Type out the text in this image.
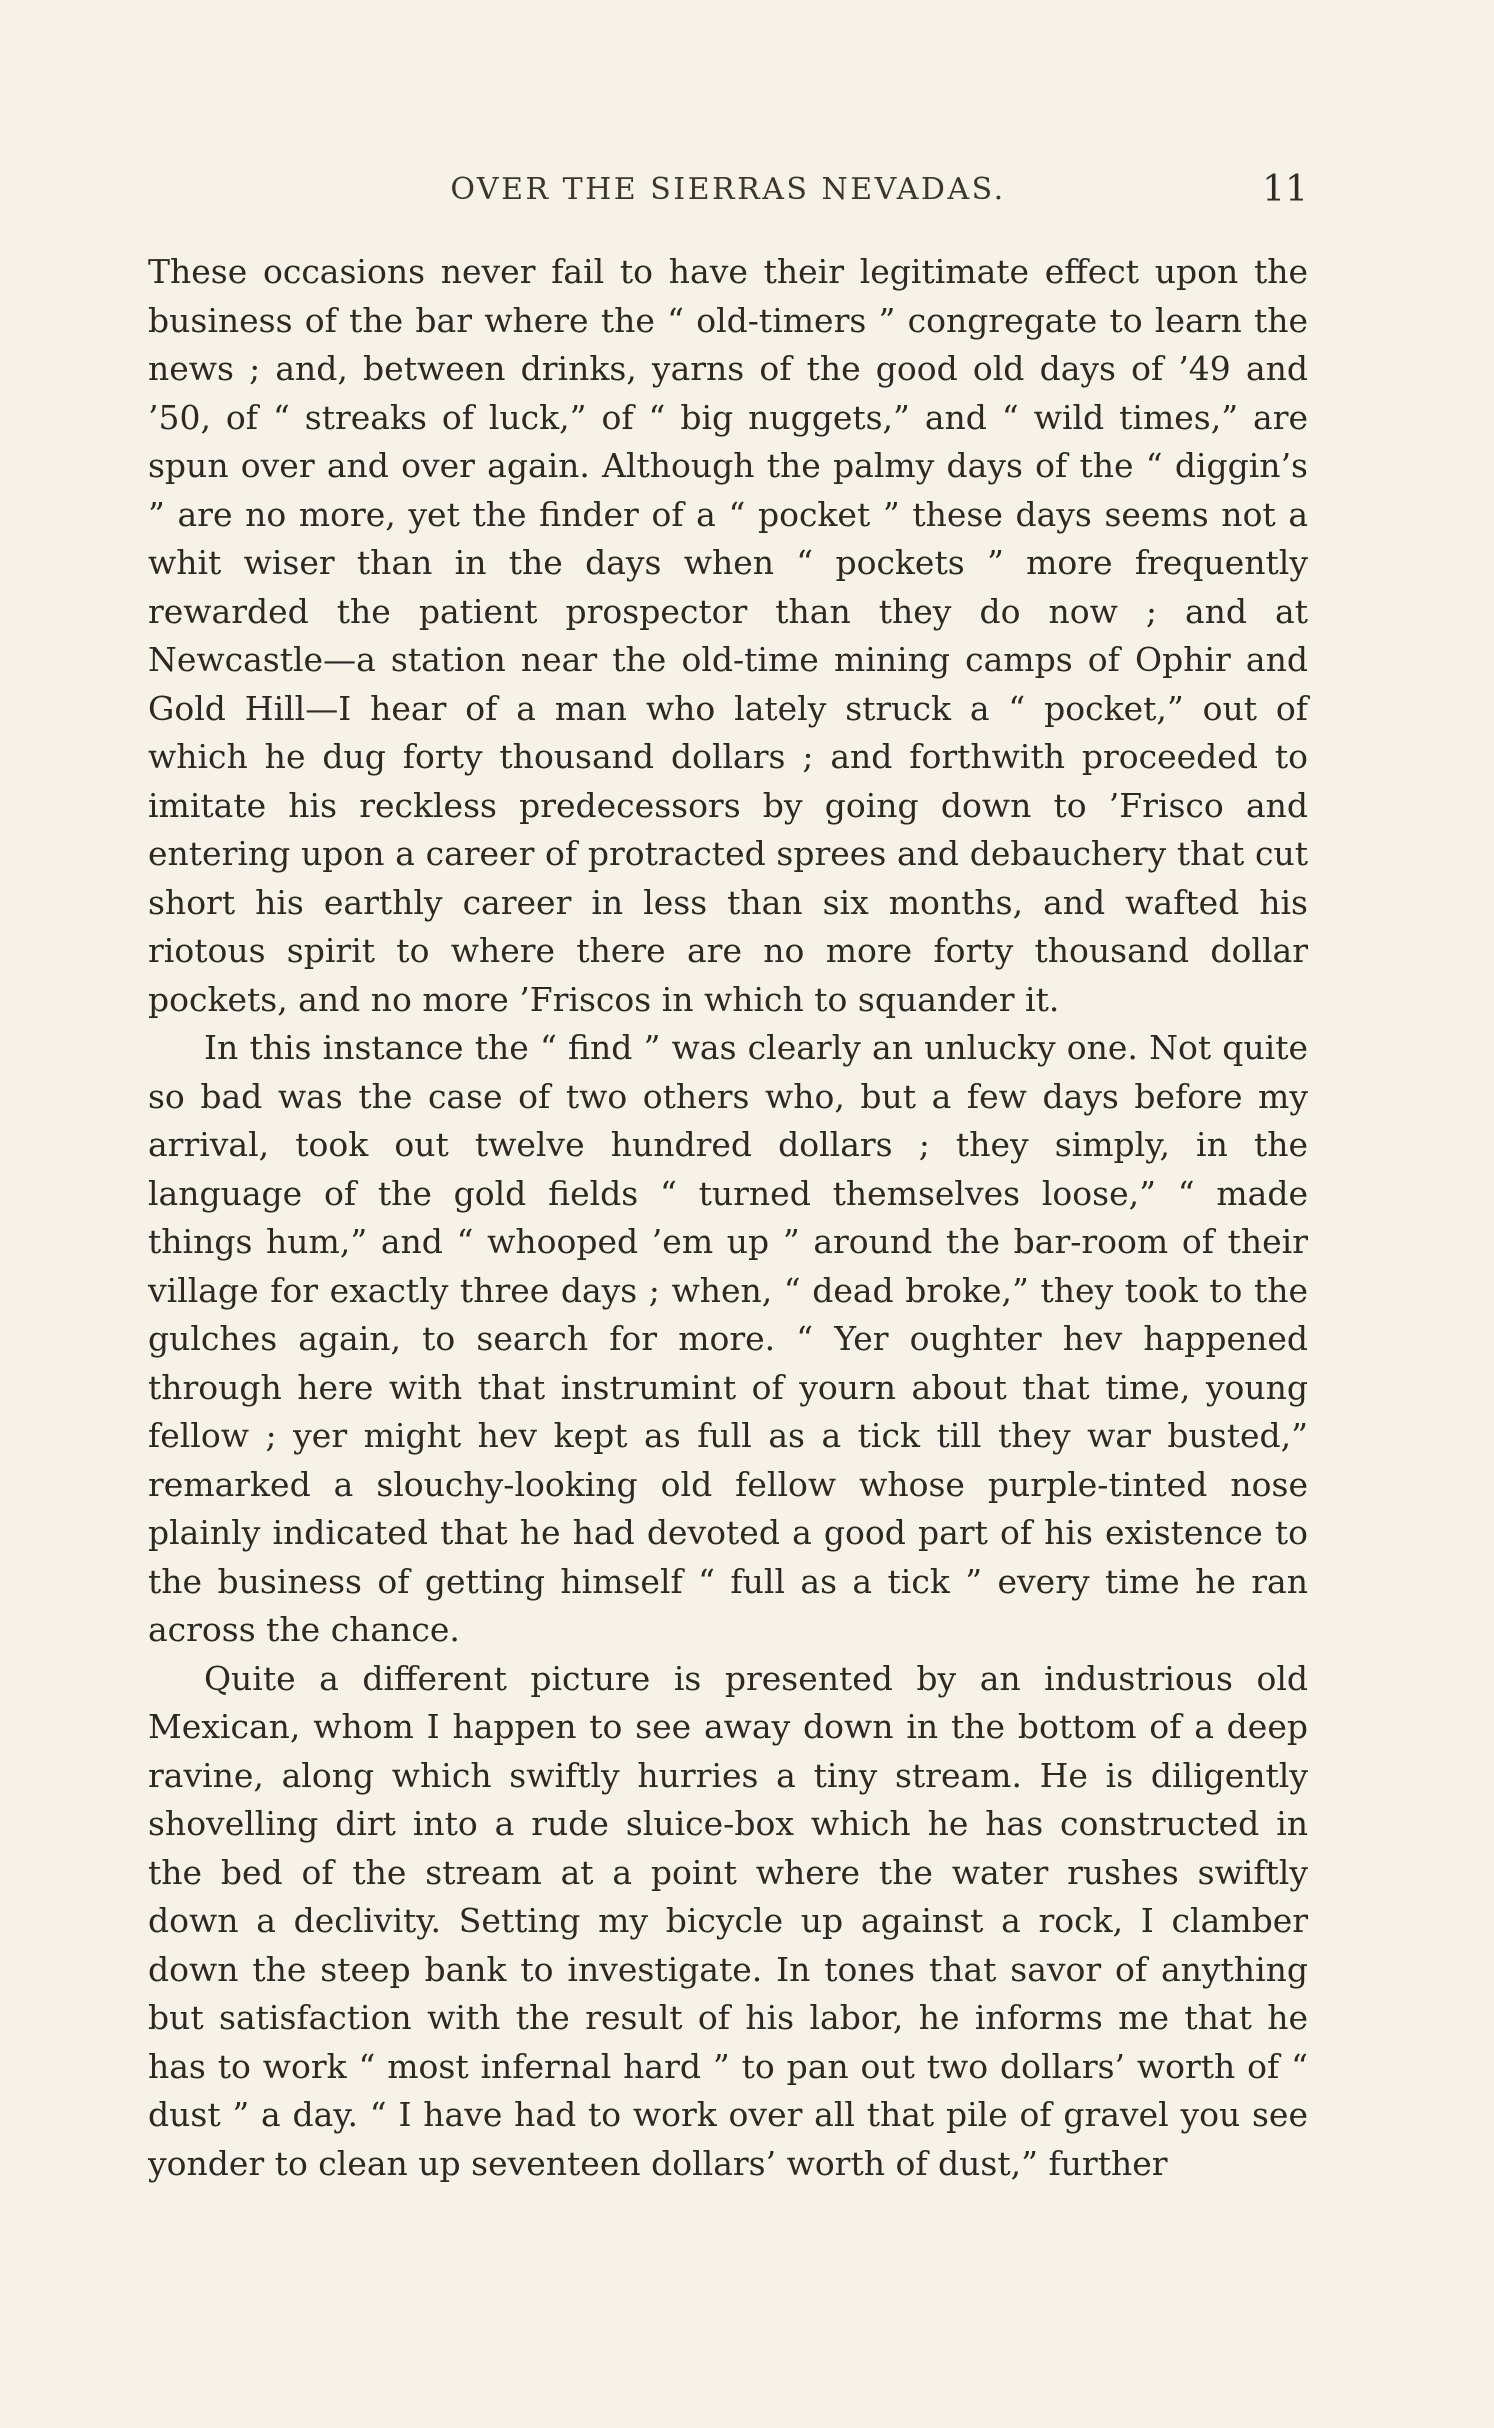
OVER THE SIERRAS NEVADAS.	11

These occasions never fail to have their legitimate effect upon the business of the bar where the “ old-timers ” congregate to learn the news ; and, between drinks, yarns of the good old days of ’49 and ’50, of “ streaks of luck,” of “ big nuggets,” and “ wild times,” are spun over and over again. Although the palmy days of the “ diggin’s ” are no more, yet the finder of a “ pocket ” these days seems not a whit wiser than in the days when “ pockets ” more frequently rewarded the patient prospector than they do now ; and at Newcastle—a station near the old-time mining camps of Ophir and Gold Hill—I hear of a man who lately struck a “ pocket,” out of which he dug forty thousand dollars ; and forthwith proceeded to imitate his reckless predecessors by going down to ’Frisco and entering upon a career of protracted sprees and debauchery that cut short his earthly career in less than six months, and wafted his riotous spirit to where there are no more forty thousand dollar pockets, and no more ’Friscos in which to squander it.

In this instance the “ find ” was clearly an unlucky one. Not quite so bad was the case of two others who, but a few days before my arrival, took out twelve hundred dollars ; they simply, in the language of the gold fields “ turned themselves loose,” “ made things hum,” and “ whooped ’em up ” around the bar-room of their village for exactly three days ; when, “ dead broke,” they took to the gulches again, to search for more. “ Yer oughter hev happened through here with that instrumint of yourn about that time, young fellow ; yer might hev kept as full as a tick till they war busted,” remarked a slouchy-looking old fellow whose purple-tinted nose plainly indicated that he had devoted a good part of his existence to the business of getting himself “ full as a tick ” every time he ran across the chance.

Quite a different picture is presented by an industrious old Mexican, whom I happen to see away down in the bottom of a deep ravine, along which swiftly hurries a tiny stream. He is diligently shovelling dirt into a rude sluice-box which he has constructed in the bed of the stream at a point where the water rushes swiftly down a declivity. Setting my bicycle up against a rock, I clamber down the steep bank to investigate. In tones that savor of anything but satisfaction with the result of his labor, he informs me that he has to work “ most infernal hard ” to pan out two dollars’ worth of “ dust ” a day. “ I have had to work over all that pile of gravel you see yonder to clean up seventeen dollars’ worth of dust,” further
